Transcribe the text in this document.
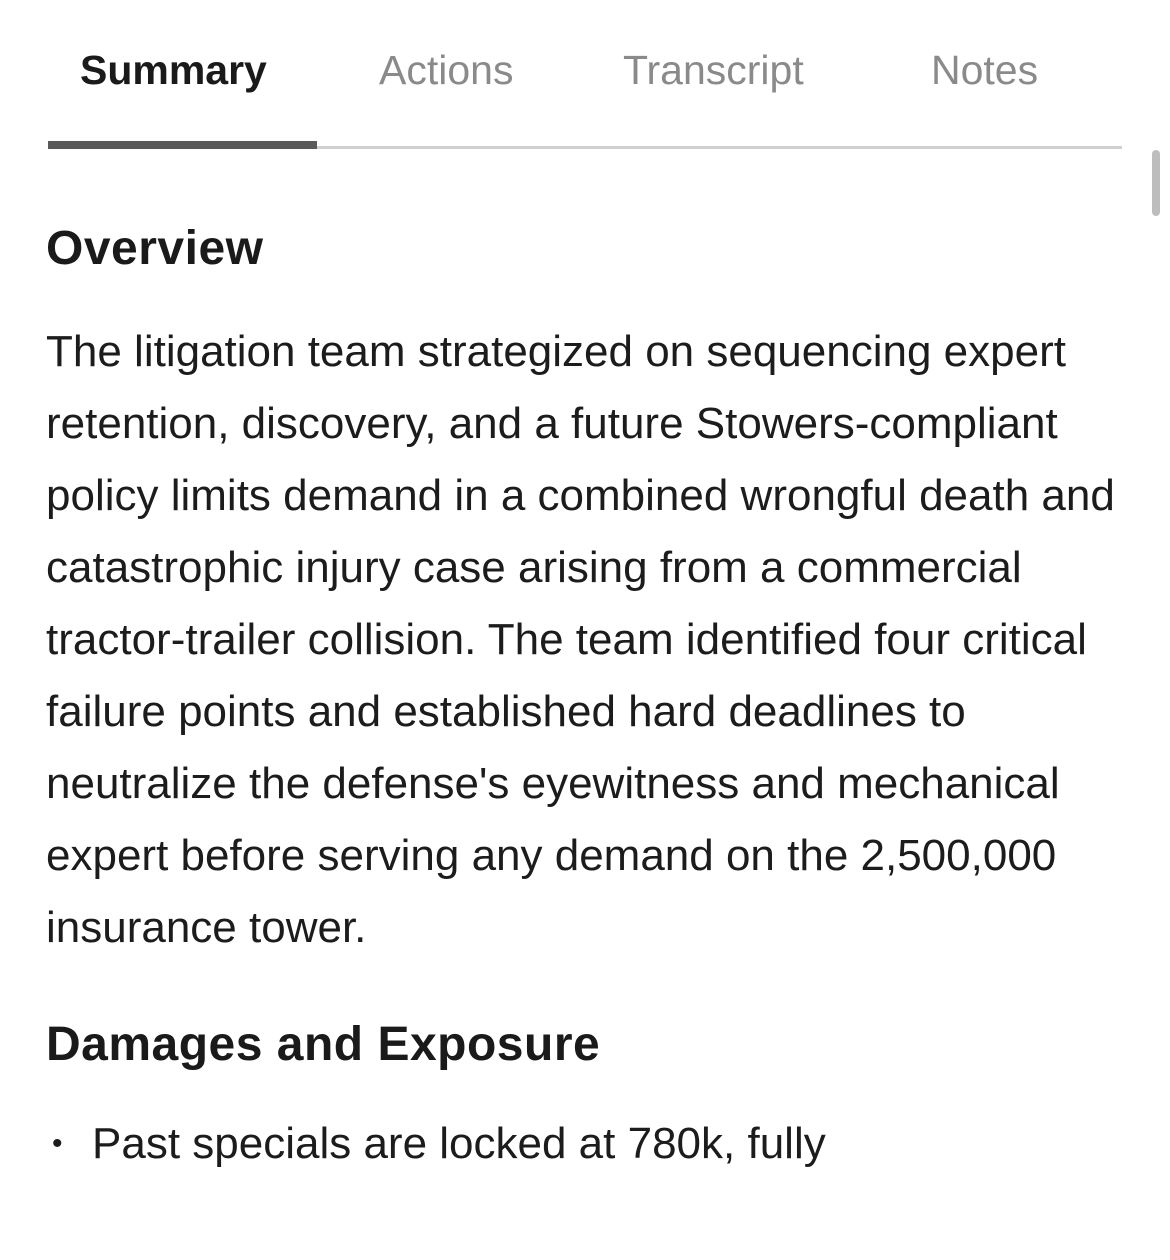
Summary	Actions	Transcript	Notes
Overview

The litigation team strategized on sequencing expert retention, discovery, and a future Stowers-compliant policy limits demand in a combined wrongful death and catastrophic injury case arising from a commercial tractor-trailer collision. The team identified four critical failure points and established hard deadlines to neutralize the defense's eyewitness and mechanical expert before serving any demand on the 2,500,000 insurance tower.

Damages and Exposure
• Past specials are locked at 780k, fully
